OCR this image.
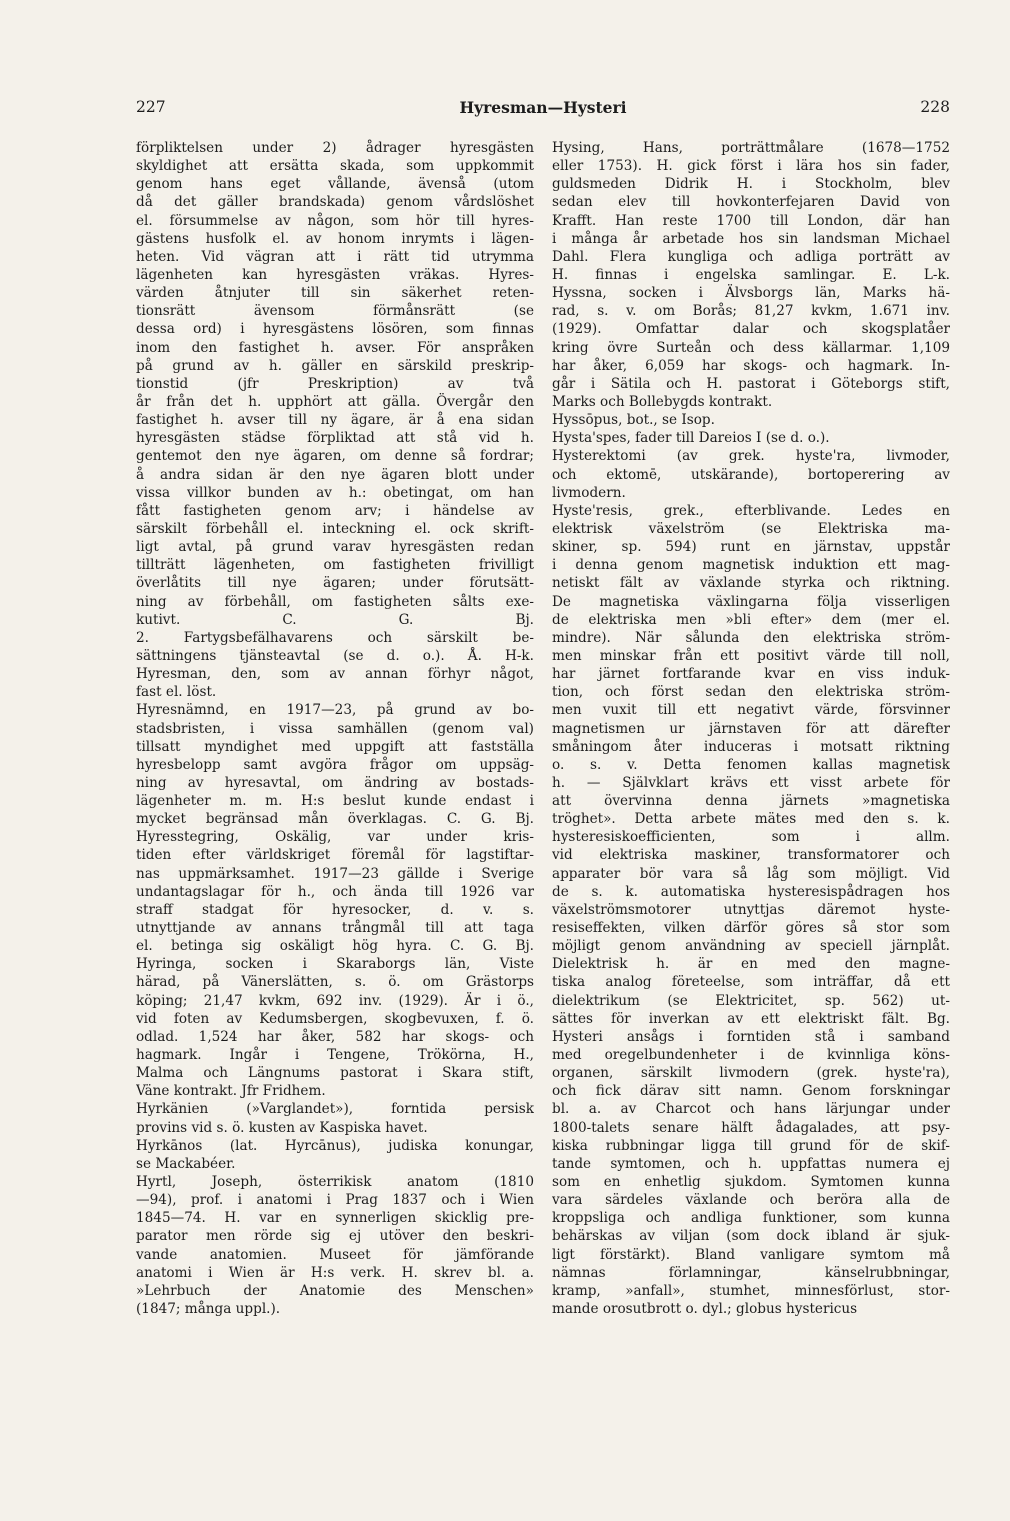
227	Hyresman—Hysteri	228
förpliktelsen under 2) ådrager hyresgästen
skyldighet att ersätta skada, som uppkommit
genom hans eget vållande, ävenså (utom
då det gäller brandskada) genom vårdslöshet
el. försummelse av någon, som hör till hyres-
gästens husfolk el. av honom inrymts i lägen-
heten. Vid vägran att i rätt tid utrymma
lägenheten kan hyresgästen vräkas. Hyres-
värden åtnjuter till sin säkerhet reten-
tionsrätt ävensom förmånsrätt (se
dessa ord) i hyresgästens lösören, som finnas
inom den fastighet h. avser. För anspråken
på grund av h. gäller en särskild preskrip-
tionstid (jfr Preskription) av två
år från det h. upphört att gälla. Övergår den
fastighet h. avser till ny ägare, är å ena sidan
hyresgästen städse förpliktad att stå vid h.
gentemot den nye ägaren, om denne så fordrar;
å andra sidan är den nye ägaren blott under
vissa villkor bunden av h.: obetingat, om han
fått fastigheten genom arv; i händelse av
särskilt förbehåll el. inteckning el. ock skrift-
ligt avtal, på grund varav hyresgästen redan
tillträtt lägenheten, om fastigheten frivilligt
överlåtits till nye ägaren; under förutsätt-
ning av förbehåll, om fastigheten sålts exe-
kutivt. C. G. Bj.
2. Fartygsbefälhavarens och särskilt be-
sättningens tjänsteavtal (se d. o.). Å. H-k.
Hyresman, den, som av annan förhyr något,
fast el. löst.
Hyresnämnd, en 1917—23, på grund av bo-
stadsbristen, i vissa samhällen (genom val)
tillsatt myndighet med uppgift att fastställa
hyresbelopp samt avgöra frågor om uppsäg-
ning av hyresavtal, om ändring av bostads-
lägenheter m. m. H:s beslut kunde endast i
mycket begränsad mån överklagas. C. G. Bj.
Hyresstegring, Oskälig, var under kris-
tiden efter världskriget föremål för lagstiftar-
nas uppmärksamhet. 1917—23 gällde i Sverige
undantagslagar för h., och ända till 1926 var
straff stadgat för hyresocker, d. v. s.
utnyttjande av annans trångmål till att taga
el. betinga sig oskäligt hög hyra. C. G. Bj.
Hyringa, socken i Skaraborgs län, Viste
härad, på Vänerslätten, s. ö. om Grästorps
köping; 21,47 kvkm, 692 inv. (1929). Är i ö.,
vid foten av Kedumsbergen, skogbevuxen, f. ö.
odlad. 1,524 har åker, 582 har skogs- och
hagmark. Ingår i Tengene, Trökörna, H.,
Malma och Längnums pastorat i Skara stift,
Väne kontrakt. Jfr Fridhem.
Hyrkänien (»Varglandet»), forntida persisk
provins vid s. ö. kusten av Kaspiska havet.
Hyrkānos (lat. Hyrcānus), judiska konungar,
se Mackabéer.
Hyrtl, Joseph, österrikisk anatom (1810
—94), prof. i anatomi i Prag 1837 och i Wien
1845—74. H. var en synnerligen skicklig pre-
parator men rörde sig ej utöver den beskri-
vande anatomien. Museet för jämförande
anatomi i Wien är H:s verk. H. skrev bl. a.
»Lehrbuch der Anatomie des Menschen»
(1847; många uppl.).
Hysing, Hans, porträttmålare (1678—1752
eller 1753). H. gick först i lära hos sin fader,
guldsmeden Didrik H. i Stockholm, blev
sedan elev till hovkonterfejaren David von
Krafft. Han reste 1700 till London, där han
i många år arbetade hos sin landsman Michael
Dahl. Flera kungliga och adliga porträtt av
H. finnas i engelska samlingar. E. L-k.
Hyssna, socken i Älvsborgs län, Marks hä-
rad, s. v. om Borås; 81,27 kvkm, 1.671 inv.
(1929). Omfattar dalar och skogsplatåer
kring övre Surteån och dess källarmar. 1,109
har åker, 6,059 har skogs- och hagmark. In-
går i Sätila och H. pastorat i Göteborgs stift,
Marks och Bollebygds kontrakt.
Hyssōpus, bot., se Isop.
Hysta'spes, fader till Dareios I (se d. o.).
Hysterektomi (av grek. hyste'ra, livmoder,
och ektomē, utskärande), bortoperering av
livmodern.
Hyste'resis, grek., efterblivande. Ledes en
elektrisk växelström (se Elektriska ma-
skiner, sp. 594) runt en järnstav, uppstår
i denna genom magnetisk induktion ett mag-
netiskt fält av växlande styrka och riktning.
De magnetiska växlingarna följa visserligen
de elektriska men »bli efter» dem (mer el.
mindre). När sålunda den elektriska ström-
men minskar från ett positivt värde till noll,
har järnet fortfarande kvar en viss induk-
tion, och först sedan den elektriska ström-
men vuxit till ett negativt värde, försvinner
magnetismen ur järnstaven för att därefter
småningom åter induceras i motsatt riktning
o. s. v. Detta fenomen kallas magnetisk
h. — Självklart krävs ett visst arbete för
att övervinna denna järnets »magnetiska
tröghet». Detta arbete mätes med den s. k.
hysteresiskoefficienten, som i allm.
vid elektriska maskiner, transformatorer och
apparater bör vara så låg som möjligt. Vid
de s. k. automatiska hysteresispådragen hos
växelströmsmotorer utnyttjas däremot hyste-
resiseffekten, vilken därför göres så stor som
möjligt genom användning av speciell järnplåt.
Dielektrisk h. är en med den magne-
tiska analog företeelse, som inträffar, då ett
dielektrikum (se Elektricitet, sp. 562) ut-
sättes för inverkan av ett elektriskt fält. Bg.
Hysteri ansågs i forntiden stå i samband
med oregelbundenheter i de kvinnliga köns-
organen, särskilt livmodern (grek. hyste'ra),
och fick därav sitt namn. Genom forskningar
bl. a. av Charcot och hans lärjungar under
1800-talets senare hälft ådagalades, att psy-
kiska rubbningar ligga till grund för de skif-
tande symtomen, och h. uppfattas numera ej
som en enhetlig sjukdom. Symtomen kunna
vara särdeles växlande och beröra alla de
kroppsliga och andliga funktioner, som kunna
behärskas av viljan (som dock ibland är sjuk-
ligt förstärkt). Bland vanligare symtom må
nämnas förlamningar, känselrubbningar,
kramp, »anfall», stumhet, minnesförlust, stor-
mande orosutbrott o. dyl.; globus hystericus
